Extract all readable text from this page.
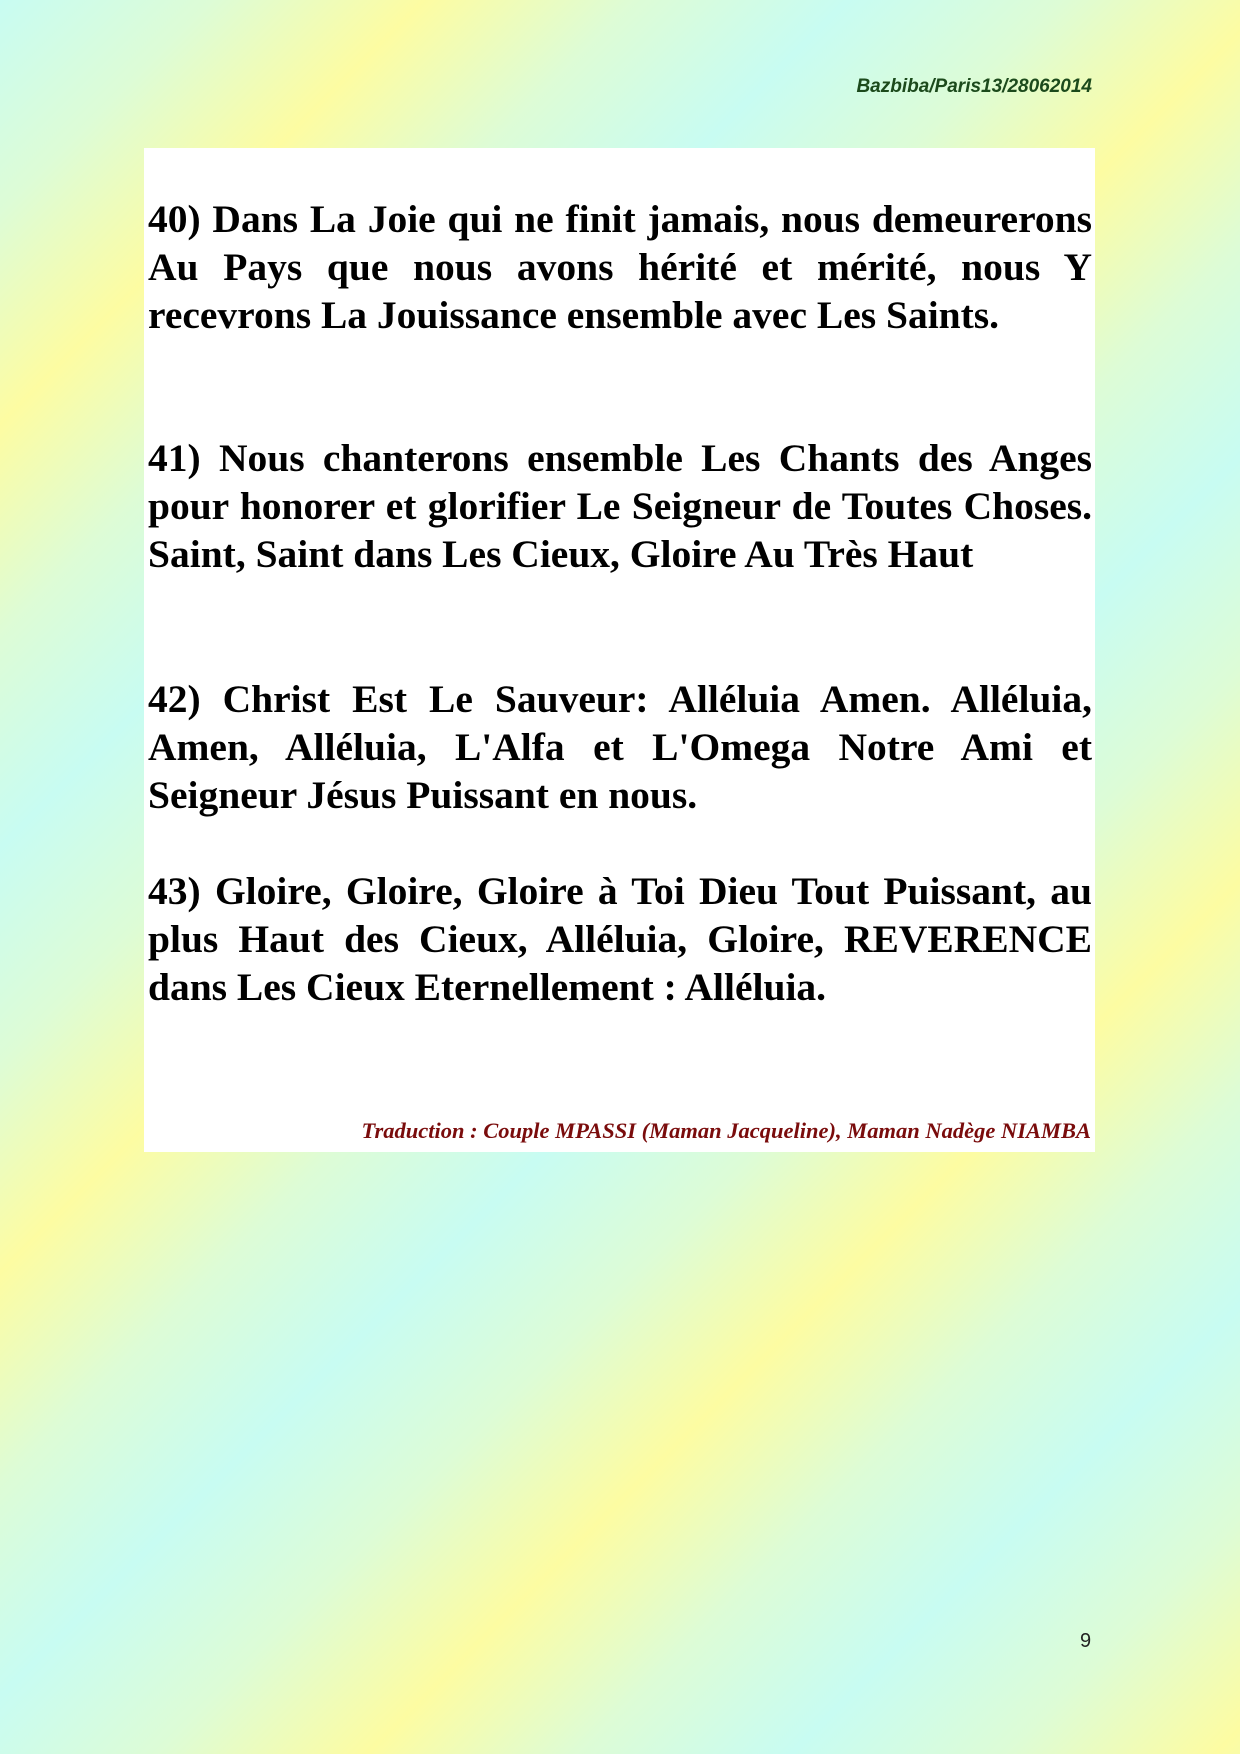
Bazbiba/Paris13/28062014

40) Dans La Joie qui ne finit jamais, nous demeurerons Au Pays que nous avons hérité et mérité, nous Y recevrons La Jouissance ensemble avec Les Saints.

41) Nous chanterons ensemble Les Chants des Anges pour honorer et glorifier Le Seigneur de Toutes Choses. Saint, Saint dans Les Cieux, Gloire Au Très Haut

42) Christ Est Le Sauveur: Alléluia Amen. Alléluia, Amen, Alléluia, L'Alfa et L'Omega Notre Ami et Seigneur Jésus Puissant en nous.

43) Gloire, Gloire, Gloire à Toi Dieu Tout Puissant, au plus Haut des Cieux, Alléluia, Gloire, REVERENCE dans Les Cieux Eternellement : Alléluia.

Traduction : Couple MPASSI (Maman Jacqueline), Maman Nadège NIAMBA
9
